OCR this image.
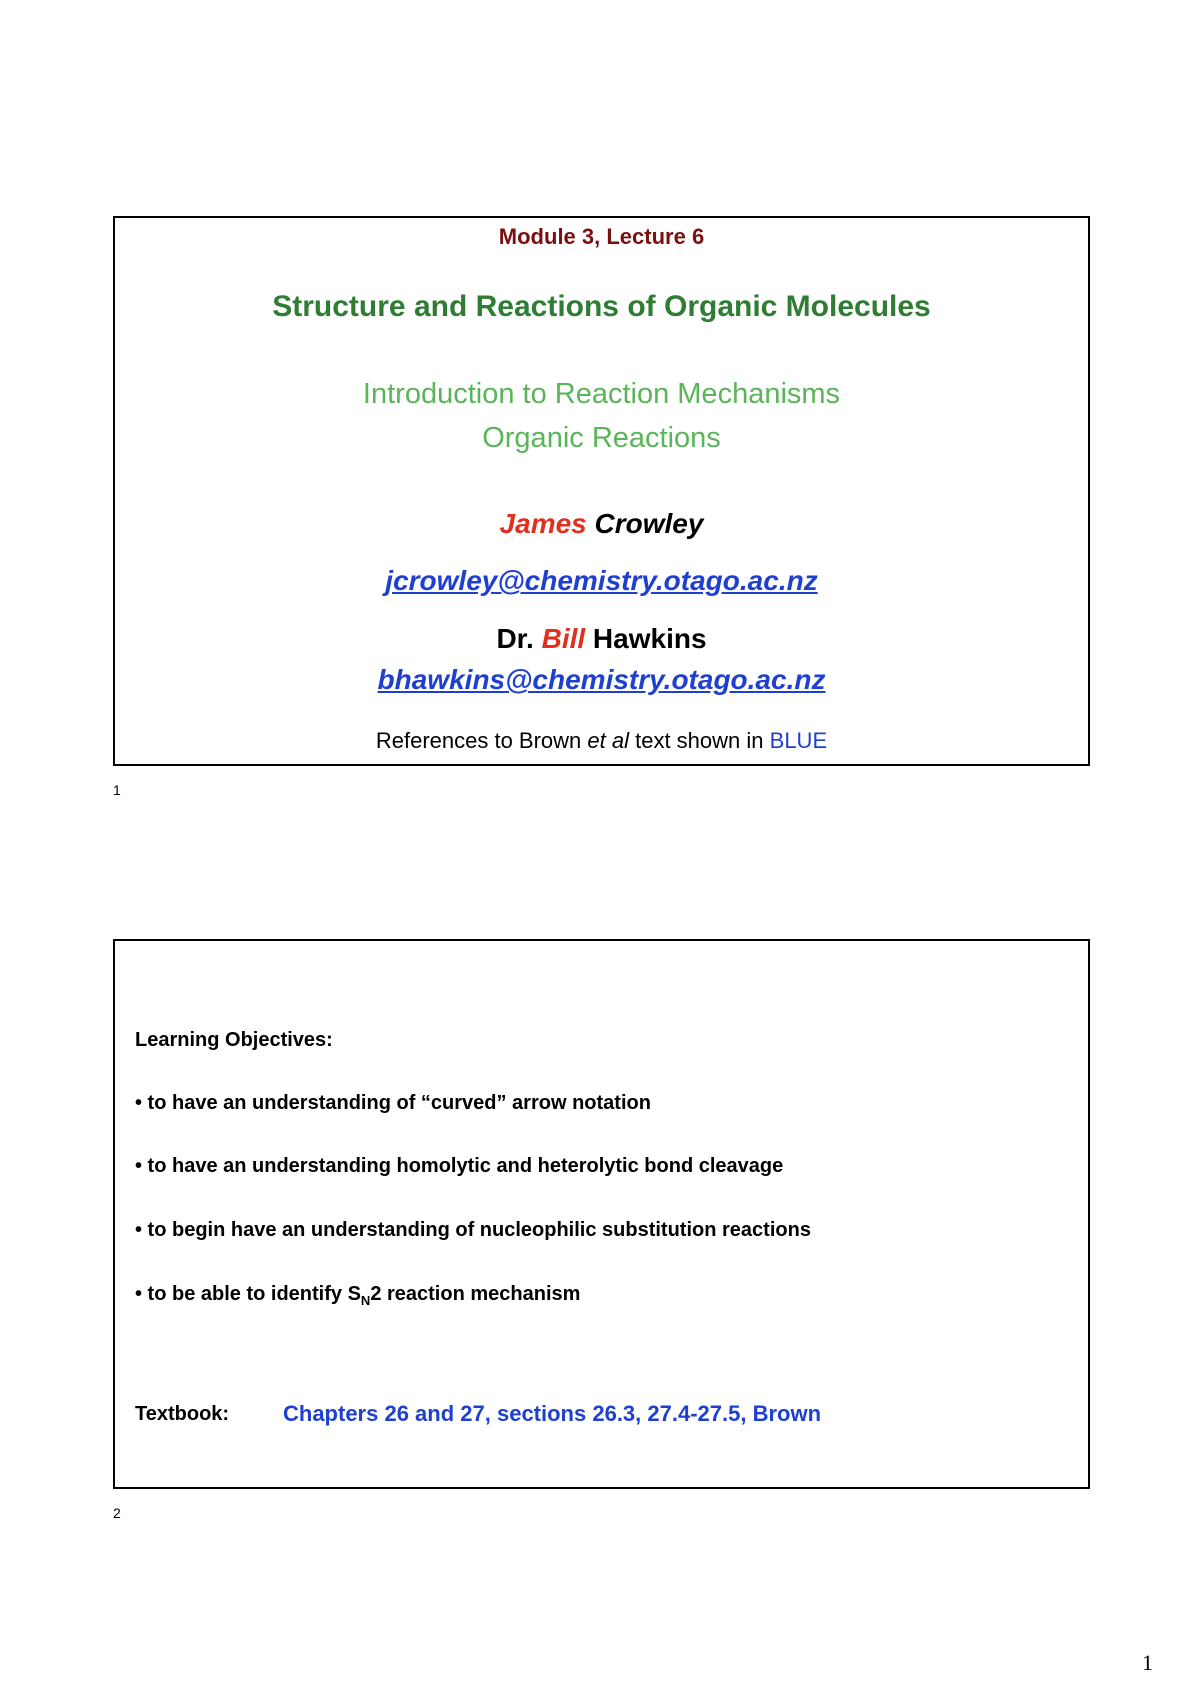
Module 3, Lecture 6
Structure and Reactions of Organic Molecules
Introduction to Reaction Mechanisms
Organic Reactions
James Crowley
jcrowley@chemistry.otago.ac.nz
Dr. Bill Hawkins
bhawkins@chemistry.otago.ac.nz
References to Brown et al text shown in BLUE
1
Learning Objectives:
• to have an understanding of “curved” arrow notation
• to have an understanding homolytic and heterolytic bond cleavage
• to begin have an understanding of nucleophilic substitution reactions
• to be able to identify $S_N2$ reaction mechanism
Textbook: Chapters 26 and 27, sections 26.3, 27.4-27.5, Brown
2
1
